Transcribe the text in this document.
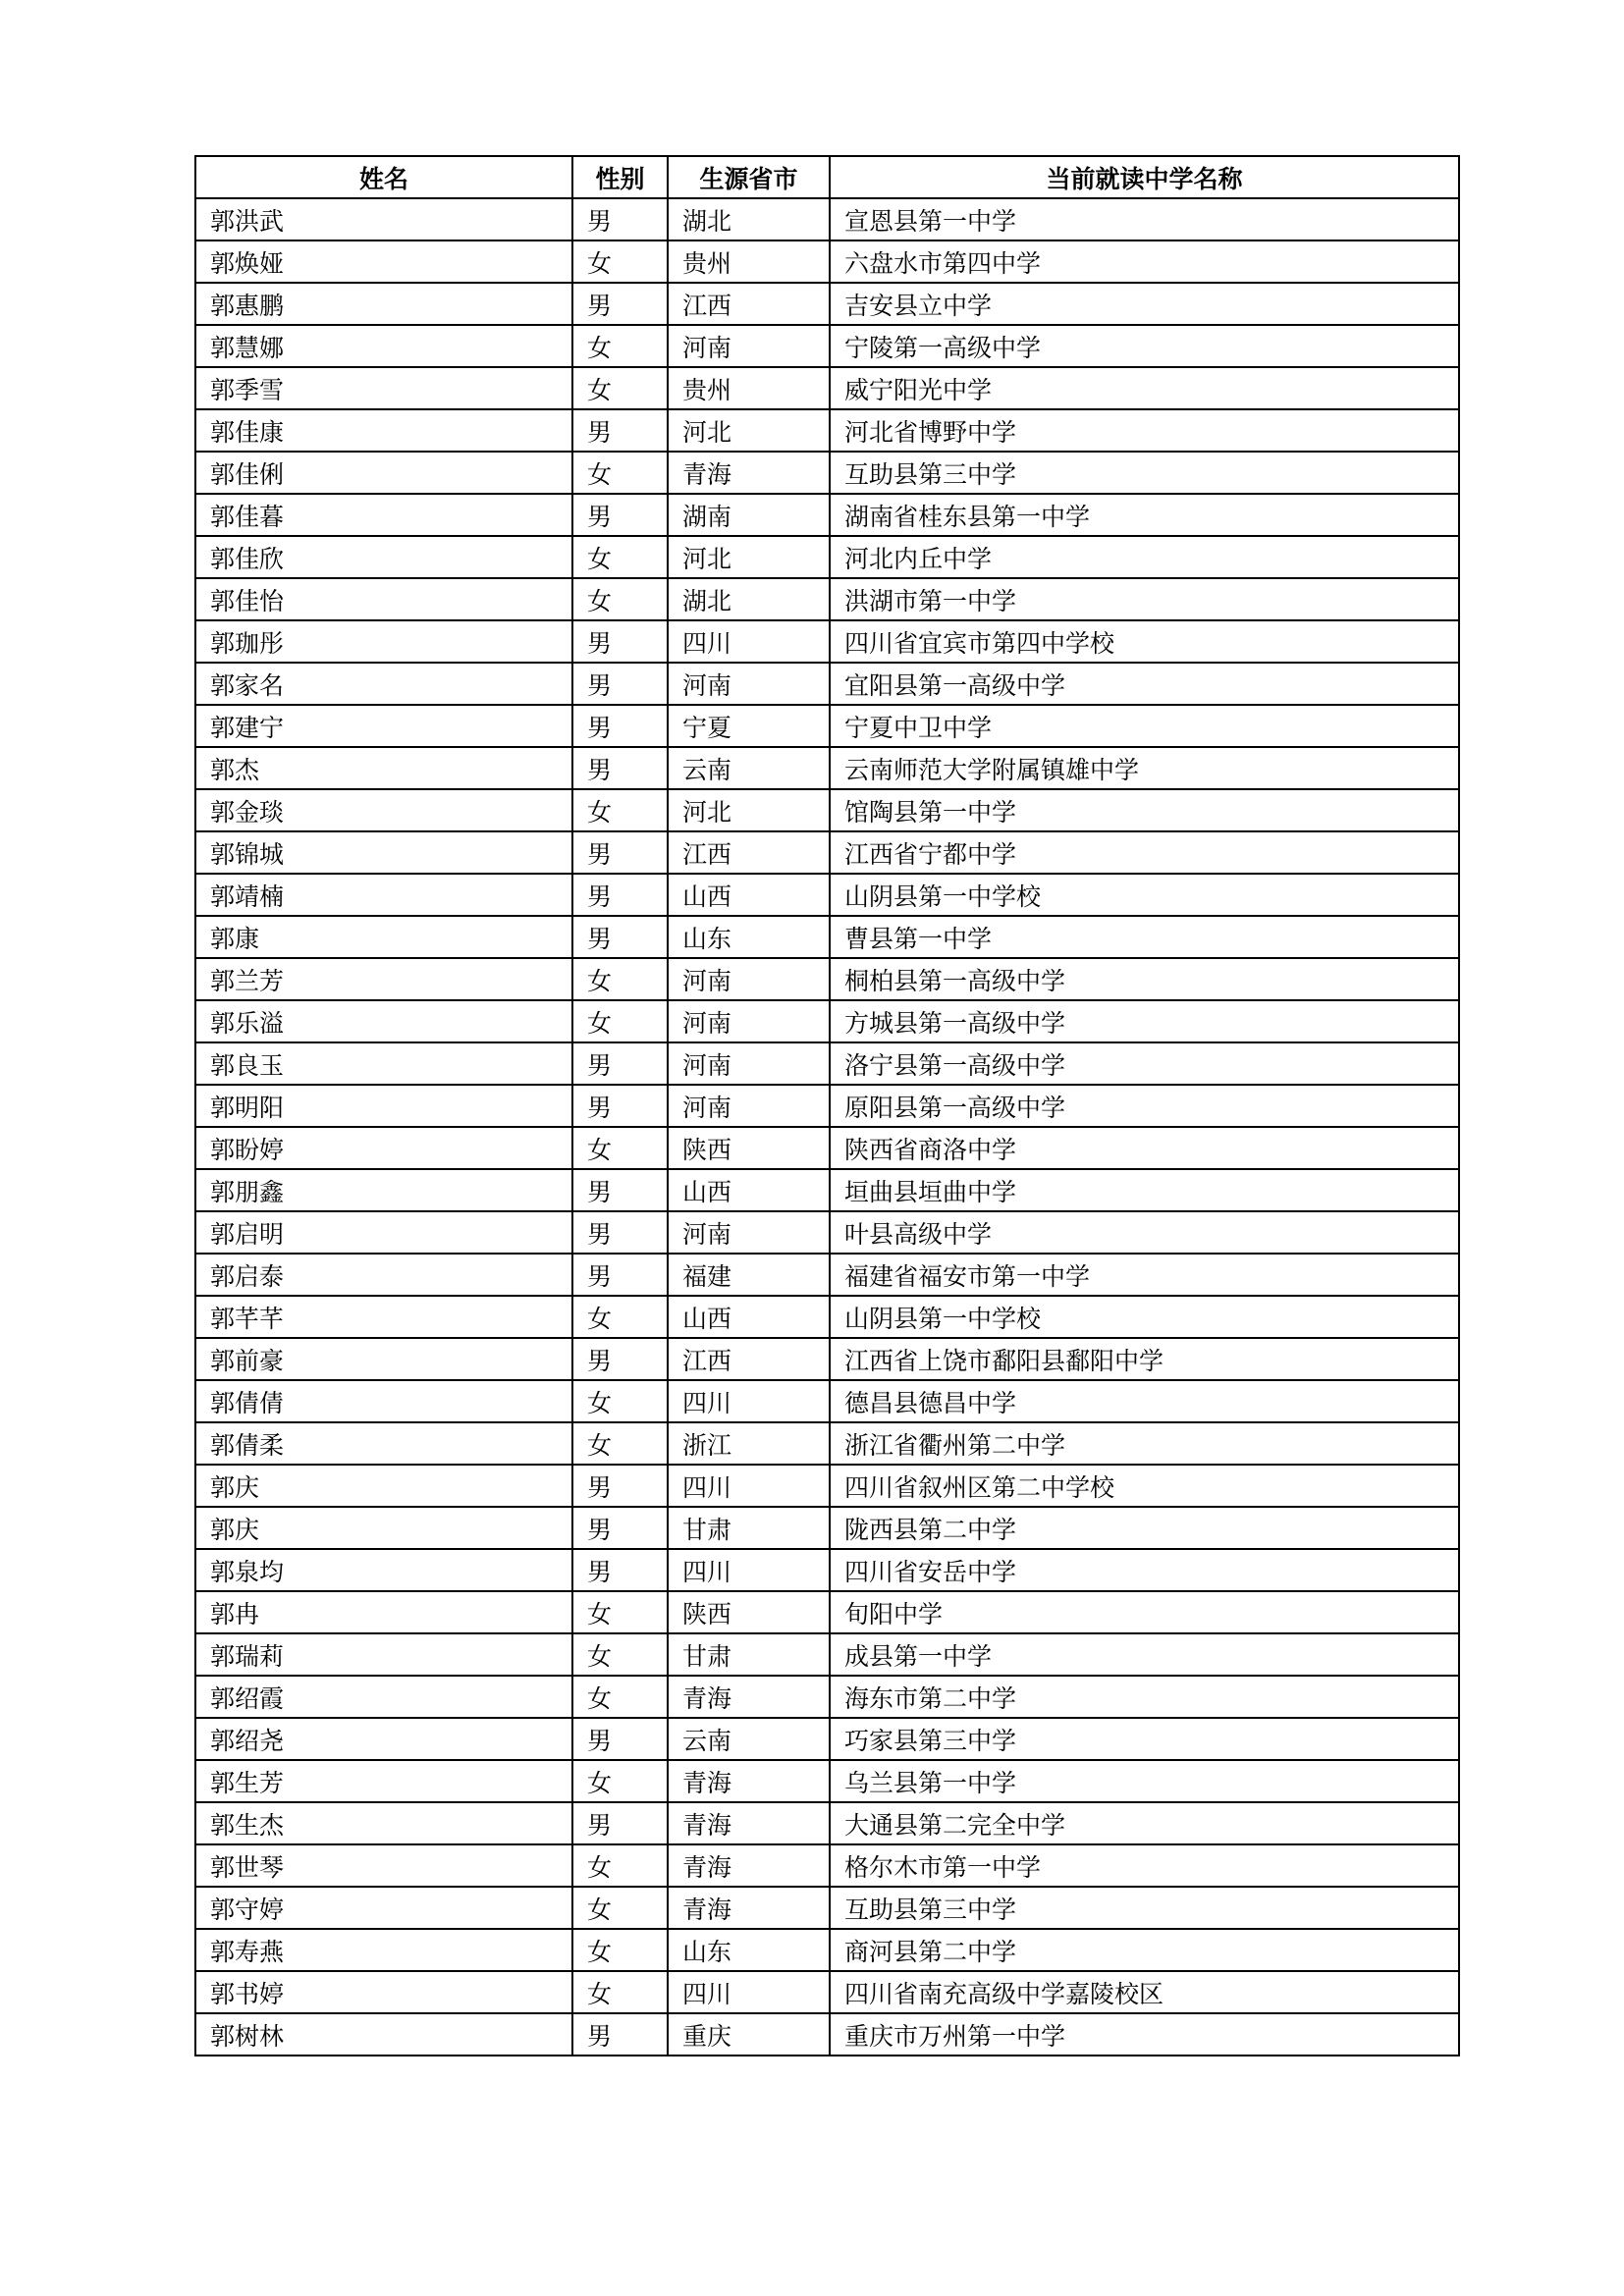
姓名	性别	生源省市	当前就读中学名称
郭洪武	男	湖北	宣恩县第一中学
郭焕娅	女	贵州	六盘水市第四中学
郭惠鹏	男	江西	吉安县立中学
郭慧娜	女	河南	宁陵第一高级中学
郭季雪	女	贵州	威宁阳光中学
郭佳康	男	河北	河北省博野中学
郭佳俐	女	青海	互助县第三中学
郭佳暮	男	湖南	湖南省桂东县第一中学
郭佳欣	女	河北	河北内丘中学
郭佳怡	女	湖北	洪湖市第一中学
郭珈彤	男	四川	四川省宜宾市第四中学校
郭家名	男	河南	宜阳县第一高级中学
郭建宁	男	宁夏	宁夏中卫中学
郭杰	男	云南	云南师范大学附属镇雄中学
郭金琰	女	河北	馆陶县第一中学
郭锦城	男	江西	江西省宁都中学
郭靖楠	男	山西	山阴县第一中学校
郭康	男	山东	曹县第一中学
郭兰芳	女	河南	桐柏县第一高级中学
郭乐溢	女	河南	方城县第一高级中学
郭良玉	男	河南	洛宁县第一高级中学
郭明阳	男	河南	原阳县第一高级中学
郭盼婷	女	陕西	陕西省商洛中学
郭朋鑫	男	山西	垣曲县垣曲中学
郭启明	男	河南	叶县高级中学
郭启泰	男	福建	福建省福安市第一中学
郭芊芊	女	山西	山阴县第一中学校
郭前豪	男	江西	江西省上饶市鄱阳县鄱阳中学
郭倩倩	女	四川	德昌县德昌中学
郭倩柔	女	浙江	浙江省衢州第二中学
郭庆	男	四川	四川省叙州区第二中学校
郭庆	男	甘肃	陇西县第二中学
郭泉均	男	四川	四川省安岳中学
郭冉	女	陕西	旬阳中学
郭瑞莉	女	甘肃	成县第一中学
郭绍霞	女	青海	海东市第二中学
郭绍尧	男	云南	巧家县第三中学
郭生芳	女	青海	乌兰县第一中学
郭生杰	男	青海	大通县第二完全中学
郭世琴	女	青海	格尔木市第一中学
郭守婷	女	青海	互助县第三中学
郭寿燕	女	山东	商河县第二中学
郭书婷	女	四川	四川省南充高级中学嘉陵校区
郭树林	男	重庆	重庆市万州第一中学
